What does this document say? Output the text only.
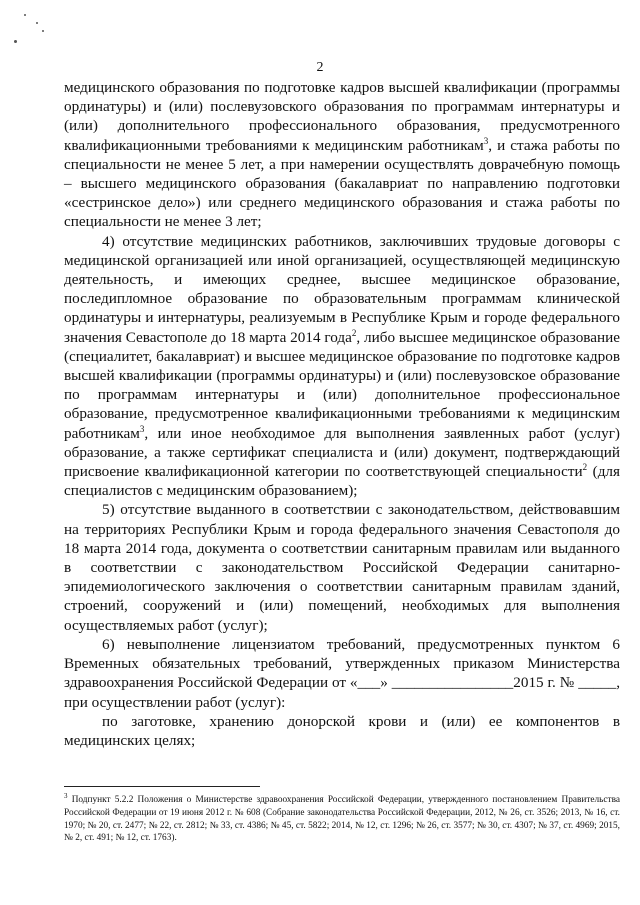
2

медицинского образования по подготовке кадров высшей квалификации (программы ординатуры) и (или) послевузовского образования по программам интернатуры и (или) дополнительного профессионального образования, предусмотренного квалификационными требованиями к медицинским работникам$^3$, и стажа работы по специальности не менее 5 лет, а при намерении осуществлять доврачебную помощь – высшего медицинского образования (бакалавриат по направлению подготовки «сестринское дело») или среднего медицинского образования и стажа работы по специальности не менее 3 лет;

4) отсутствие медицинских работников, заключивших трудовые договоры с медицинской организацией или иной организацией, осуществляющей медицинскую деятельность, и имеющих среднее, высшее медицинское образование, последипломное образование по образовательным программам клинической ординатуры и интернатуры, реализуемым в Республике Крым и городе федерального значения Севастополе до 18 марта 2014 года$^2$, либо высшее медицинское образование (специалитет, бакалавриат) и высшее медицинское образование по подготовке кадров высшей квалификации (программы ординатуры) и (или) послевузовское образование по программам интернатуры и (или) дополнительное профессиональное образование, предусмотренное квалификационными требованиями к медицинским работникам$^3$, или иное необходимое для выполнения заявленных работ (услуг) образование, а также сертификат специалиста и (или) документ, подтверждающий присвоение квалификационной категории по соответствующей специальности$^2$ (для специалистов с медицинским образованием);

5) отсутствие выданного в соответствии с законодательством, действовавшим на территориях Республики Крым и города федерального значения Севастополя до 18 марта 2014 года, документа о соответствии санитарным правилам или выданного в соответствии с законодательством Российской Федерации санитарно-эпидемиологического заключения о соответствии санитарным правилам зданий, строений, сооружений и (или) помещений, необходимых для выполнения осуществляемых работ (услуг);

6) невыполнение лицензиатом требований, предусмотренных пунктом 6 Временных обязательных требований, утвержденных приказом Министерства здравоохранения Российской Федерации от «___» ________________2015 г. № _____, при осуществлении работ (услуг):

по заготовке, хранению донорской крови и (или) ее компонентов в медицинских целях;

$^3$ Подпункт 5.2.2 Положения о Министерстве здравоохранения Российской Федерации, утвержденного постановлением Правительства Российской Федерации от 19 июня 2012 г. № 608 (Собрание законодательства Российской Федерации, 2012, № 26, ст. 3526; 2013, № 16, ст. 1970; № 20, ст. 2477; № 22, ст. 2812; № 33, ст. 4386; № 45, ст. 5822; 2014, № 12, ст. 1296; № 26, ст. 3577; № 30, ст. 4307; № 37, ст. 4969; 2015, № 2, ст. 491; № 12, ст. 1763).
